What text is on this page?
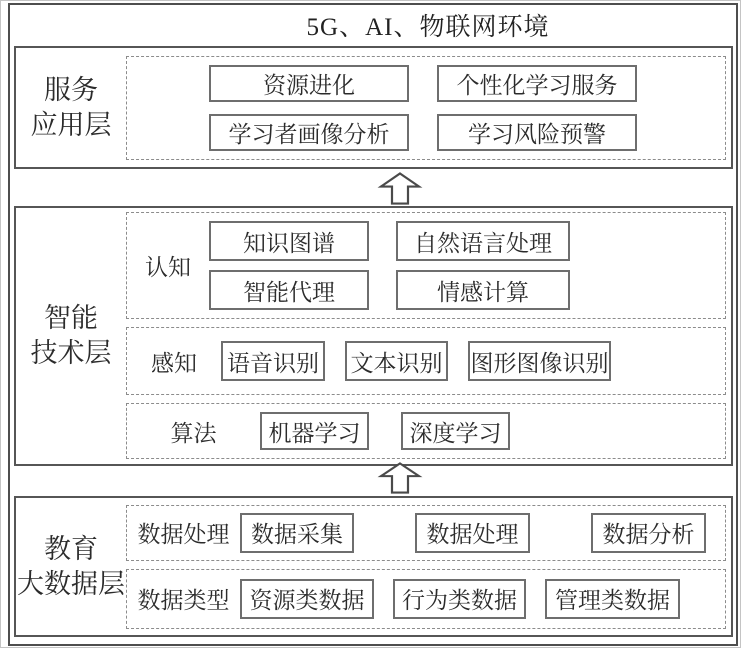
5G、AI、物联网环境
服务
应用层
资源进化	个性化学习服务
学习者画像分析	学习风险预警
智能
技术层
认知
知识图谱	自然语言处理
智能代理	情感计算
感知	语音识别 文本识别 图形图像识别
算法	机器学习	深度学习
教育
大数据层
数据处理 数据采集	数据处理	数据分析
数据类型 资源类数据	行为类数据	管理类数据
